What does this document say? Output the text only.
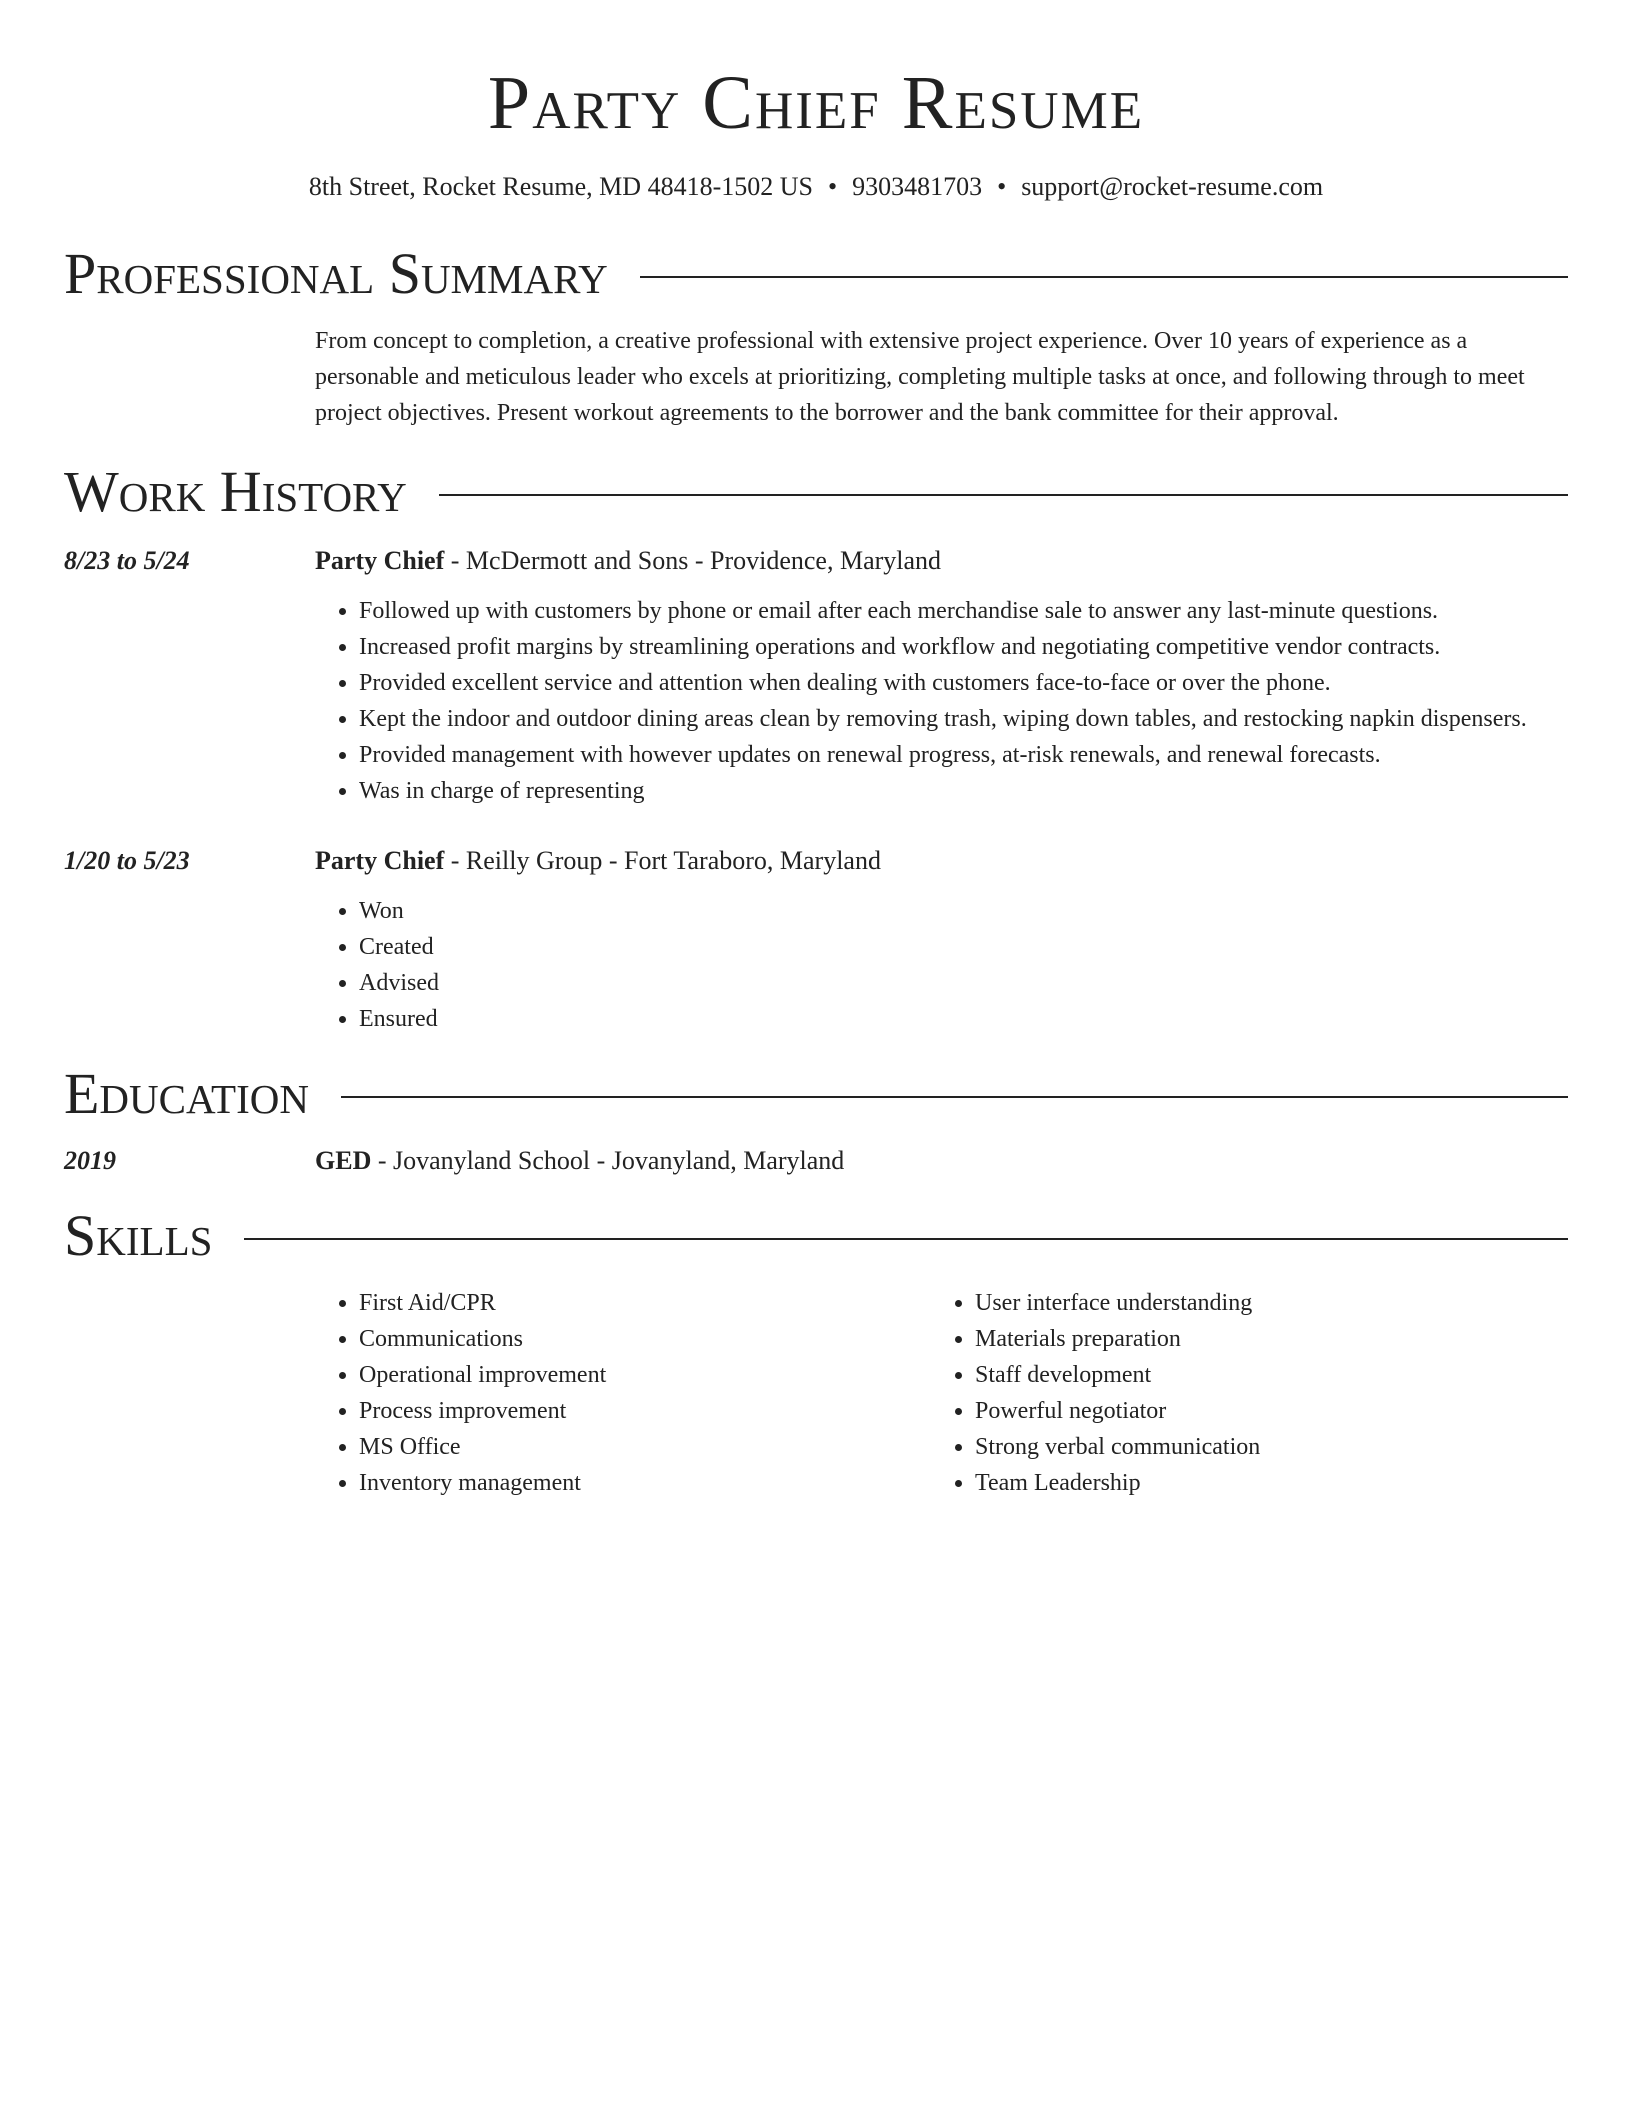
Party Chief Resume
8th Street, Rocket Resume, MD 48418-1502 US • 9303481703 • support@rocket-resume.com
Professional Summary
From concept to completion, a creative professional with extensive project experience. Over 10 years of experience as a personable and meticulous leader who excels at prioritizing, completing multiple tasks at once, and following through to meet project objectives. Present workout agreements to the borrower and the bank committee for their approval.
Work History
8/23 to 5/24	Party Chief - McDermott and Sons - Providence, Maryland
• Followed up with customers by phone or email after each merchandise sale to answer any last-minute questions.
• Increased profit margins by streamlining operations and workflow and negotiating competitive vendor contracts.
• Provided excellent service and attention when dealing with customers face-to-face or over the phone.
• Kept the indoor and outdoor dining areas clean by removing trash, wiping down tables, and restocking napkin dispensers.
• Provided management with however updates on renewal progress, at-risk renewals, and renewal forecasts.
• Was in charge of representing
1/20 to 5/23	Party Chief - Reilly Group - Fort Taraboro, Maryland
• Won
• Created
• Advised
• Ensured
Education
2019	GED - Jovanyland School - Jovanyland, Maryland
Skills
• First Aid/CPR
• Communications
• Operational improvement
• Process improvement
• MS Office
• Inventory management
• User interface understanding
• Materials preparation
• Staff development
• Powerful negotiator
• Strong verbal communication
• Team Leadership
